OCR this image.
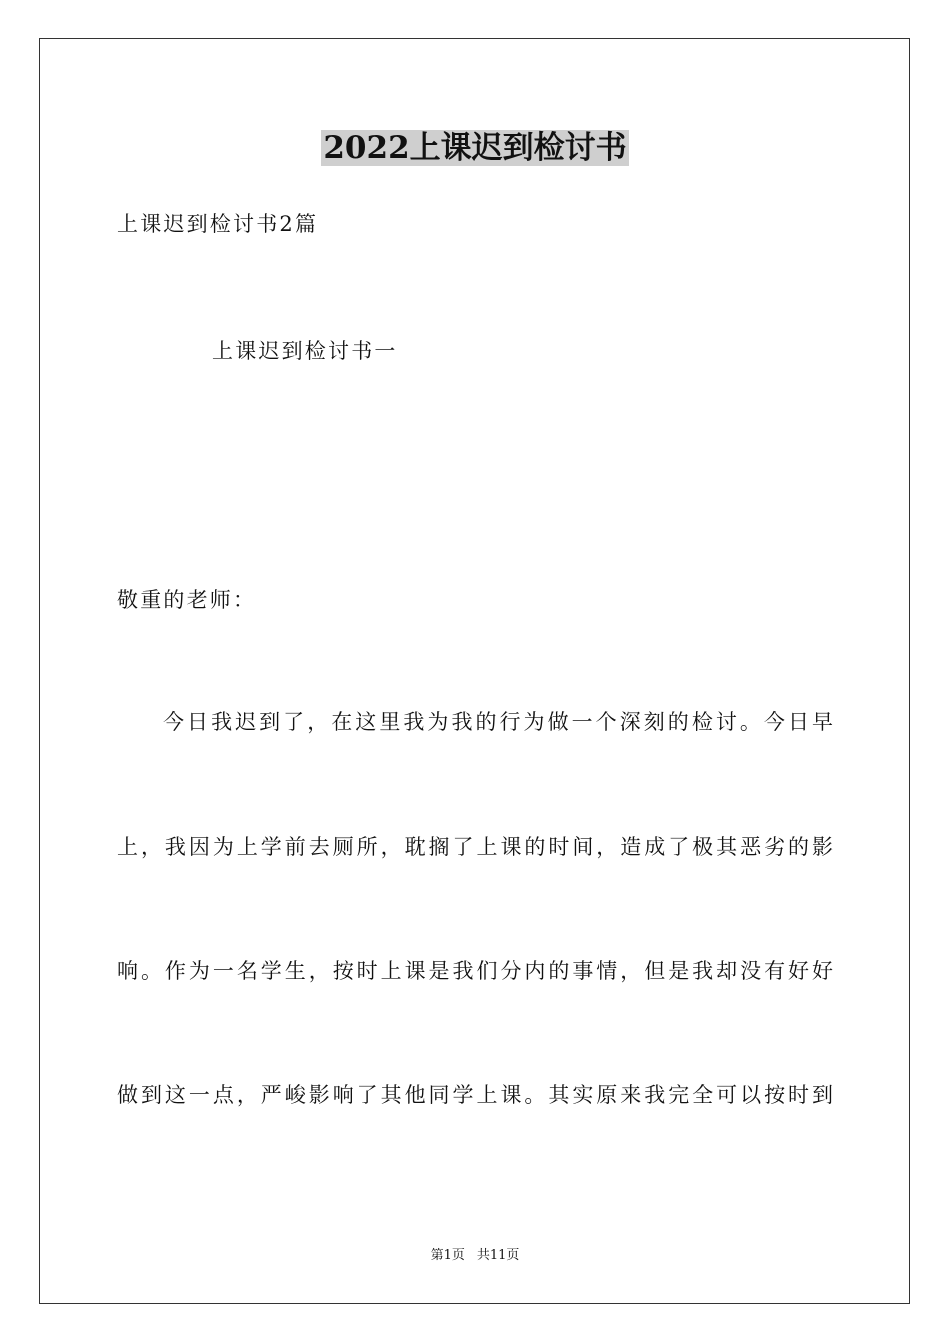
2022上课迟到检讨书

上课迟到检讨书2篇

上课迟到检讨书一

敬重的老师：

今日我迟到了，在这里我为我的行为做一个深刻的检讨。今日早

上，我因为上学前去厕所，耽搁了上课的时间，造成了极其恶劣的影

响。作为一名学生，按时上课是我们分内的事情，但是我却没有好好

做到这一点，严峻影响了其他同学上课。其实原来我完全可以按时到

第1页 共11页
